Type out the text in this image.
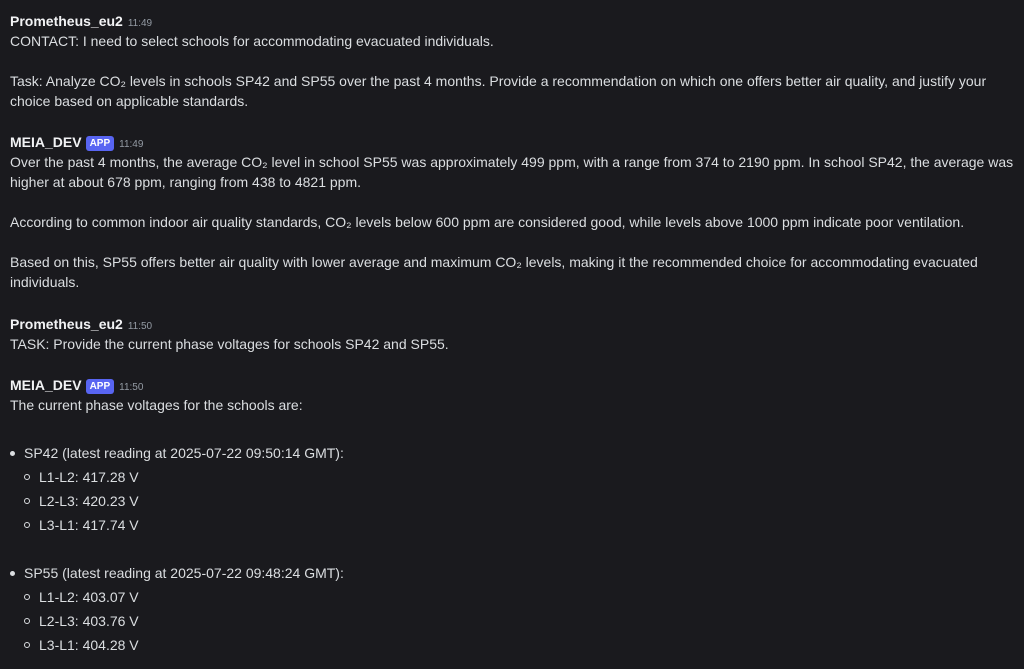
Prometheus_eu2 11:49
CONTACT: I need to select schools for accommodating evacuated individuals.
Task: Analyze CO₂ levels in schools SP42 and SP55 over the past 4 months. Provide a recommendation on which one offers better air quality, and justify your
choice based on applicable standards.
MEIA_DEV APP 11:49
Over the past 4 months, the average CO₂ level in school SP55 was approximately 499 ppm, with a range from 374 to 2190 ppm. In school SP42, the average was
higher at about 678 ppm, ranging from 438 to 4821 ppm.
According to common indoor air quality standards, CO₂ levels below 600 ppm are considered good, while levels above 1000 ppm indicate poor ventilation.
Based on this, SP55 offers better air quality with lower average and maximum CO₂ levels, making it the recommended choice for accommodating evacuated
individuals.
Prometheus_eu2 11:50
TASK: Provide the current phase voltages for schools SP42 and SP55.
MEIA_DEV APP 11:50
The current phase voltages for the schools are:
SP42 (latest reading at 2025-07-22 09:50:14 GMT):
L1-L2: 417.28 V
L2-L3: 420.23 V
L3-L1: 417.74 V
SP55 (latest reading at 2025-07-22 09:48:24 GMT):
L1-L2: 403.07 V
L2-L3: 403.76 V
L3-L1: 404.28 V
